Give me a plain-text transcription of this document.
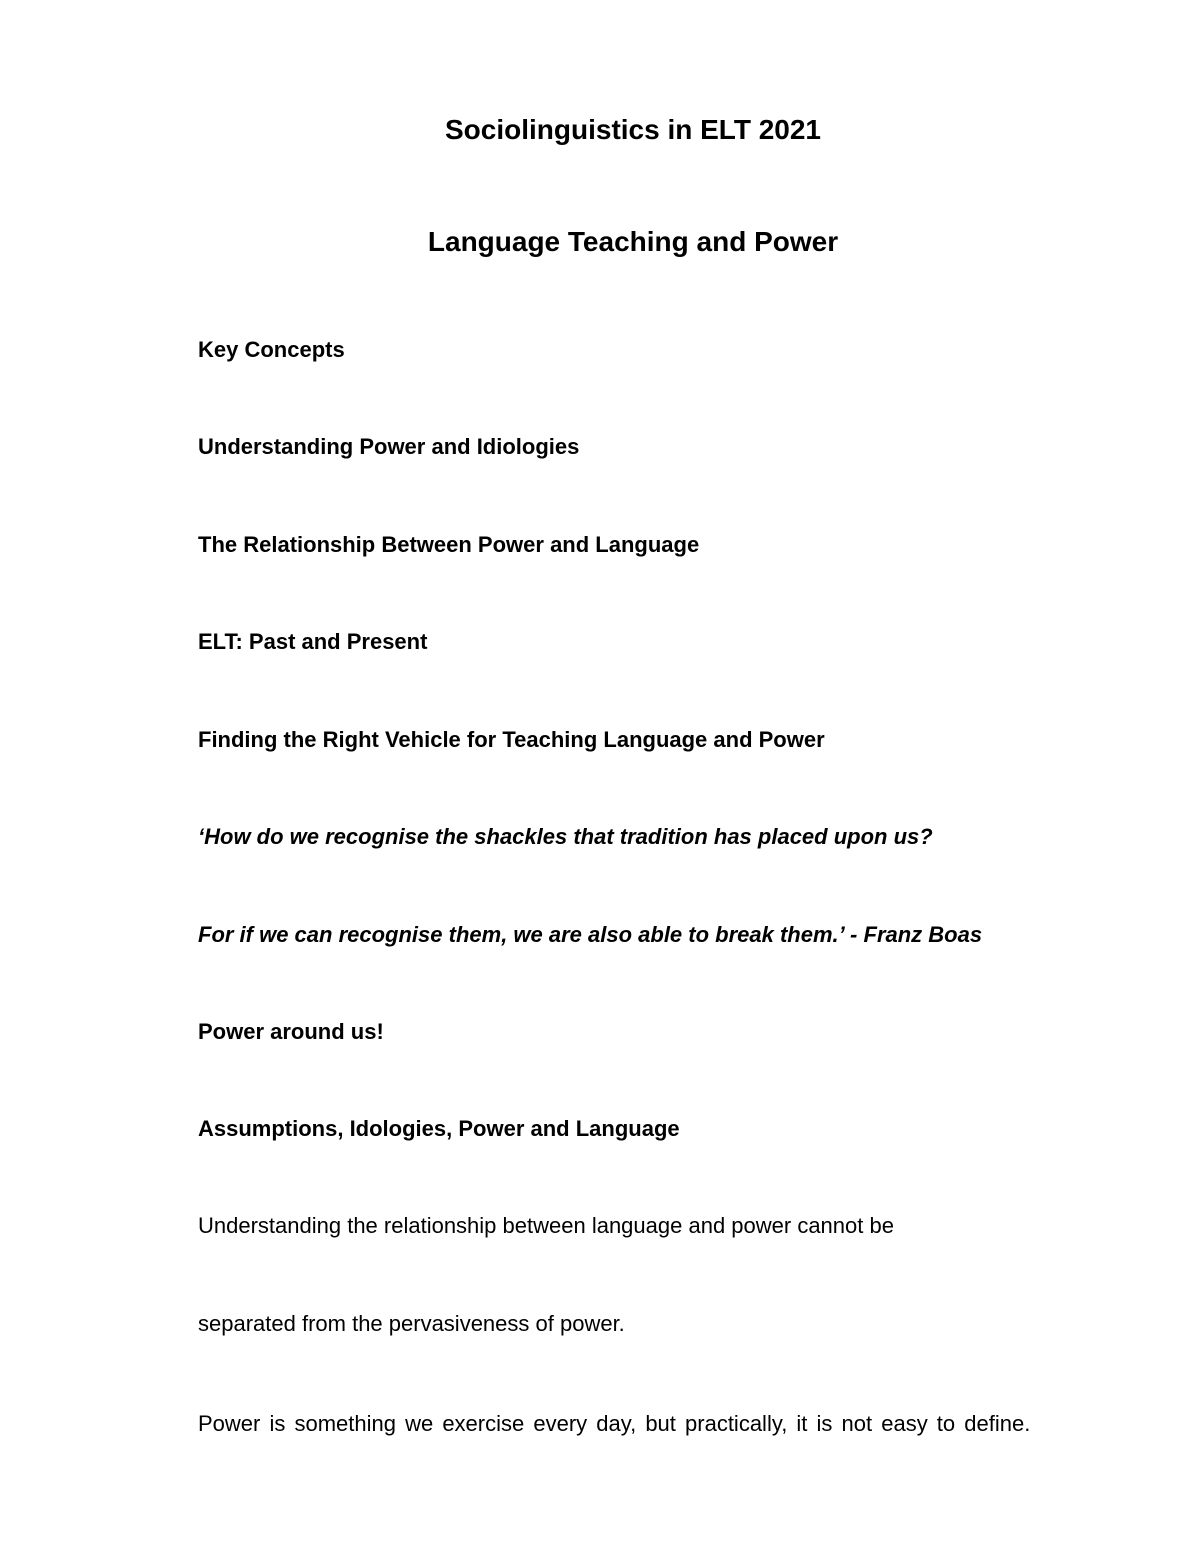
Sociolinguistics in ELT 2021
Language Teaching and Power
Key Concepts
Understanding Power and Idiologies
The Relationship Between Power and Language
ELT: Past and Present
Finding the Right Vehicle for Teaching Language and Power
‘How do we recognise the shackles that tradition has placed upon us?
For if we can recognise them, we are also able to break them.’ - Franz Boas
Power around us!
Assumptions, Idologies, Power and Language
Understanding the relationship between language and power cannot be
separated from the pervasiveness of power.
Power is something we exercise every day, but practically, it is not easy to define.
